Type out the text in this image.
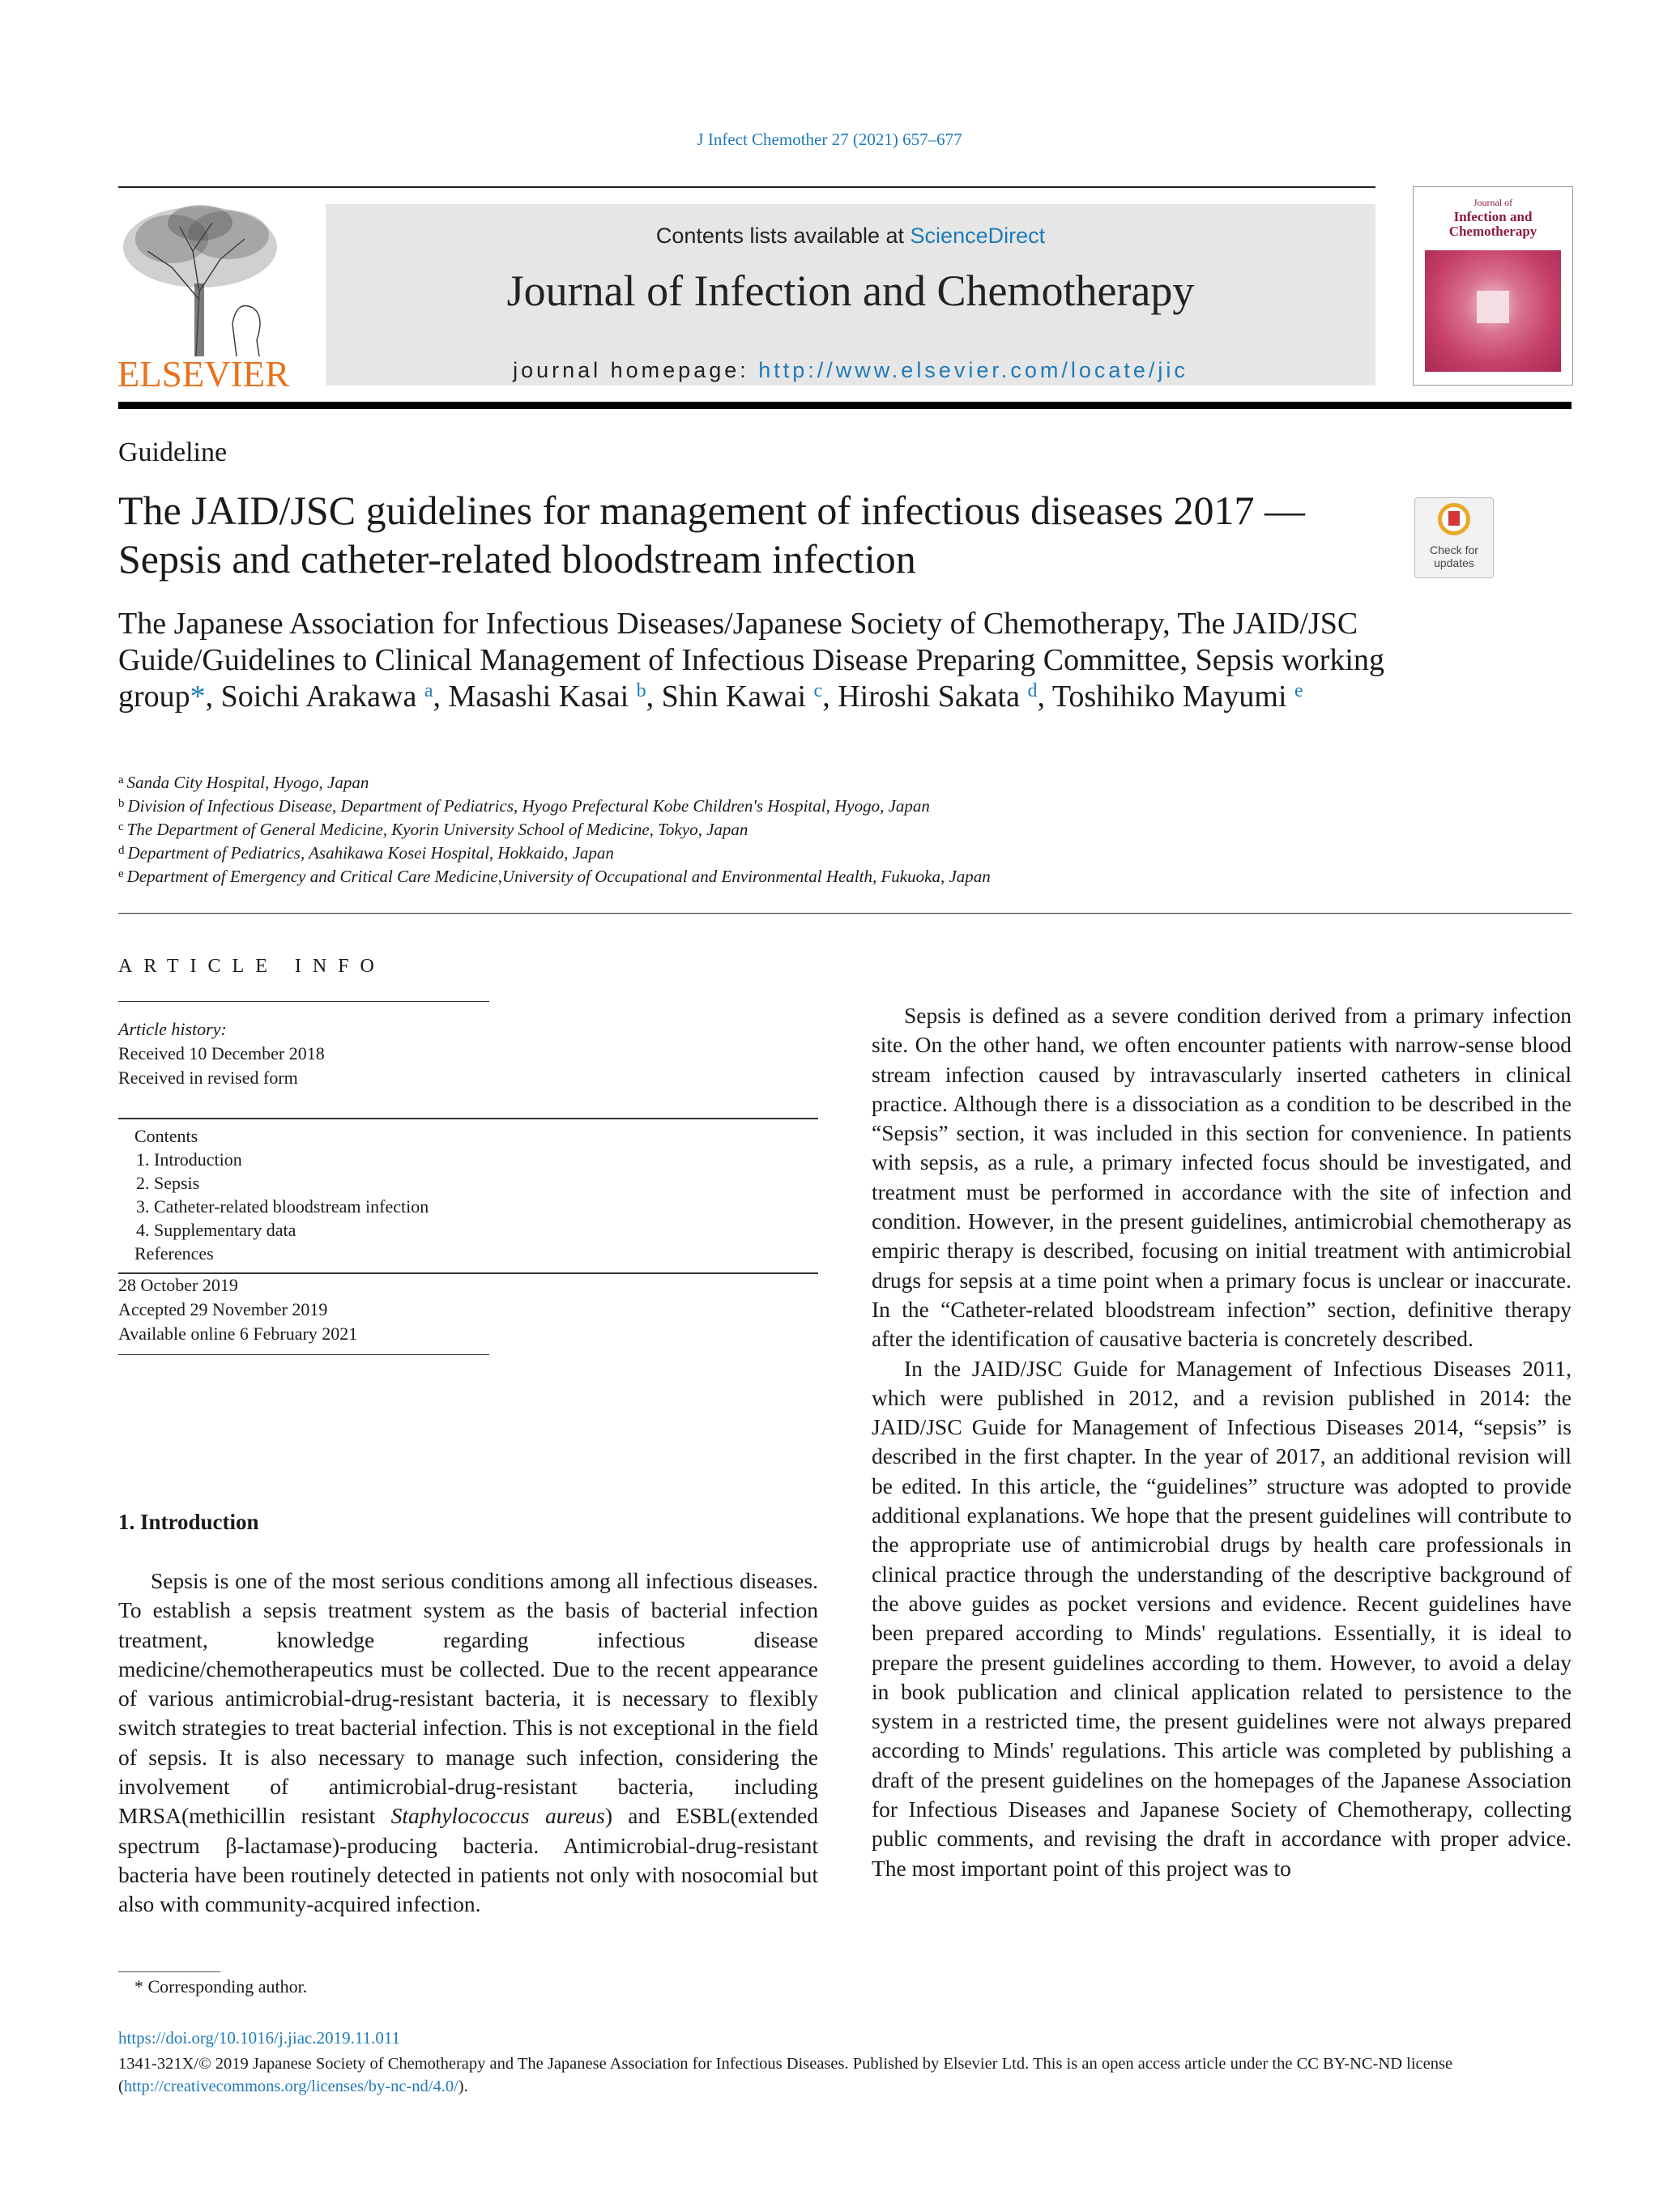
J Infect Chemother 27 (2021) 657–677
ELSEVIER
Contents lists available at ScienceDirect
Journal of Infection and Chemotherapy
journal homepage: http://www.elsevier.com/locate/jic
Journal of
Infection and Chemotherapy
Guideline
The JAID/JSC guidelines for management of infectious diseases 2017 —
Sepsis and catheter-related bloodstream infection	Check for
updates
The Japanese Association for Infectious Diseases/Japanese Society of Chemotherapy, The JAID/JSC Guide/Guidelines to Clinical Management of Infectious Disease Preparing Committee, Sepsis working group*, Soichi Arakawa $^a$, Masashi Kasai $^b$, Shin Kawai $^c$, Hiroshi Sakata $^d$, Toshihiko Mayumi $^e$
$^a$ Sanda City Hospital, Hyogo, Japan
$^b$ Division of Infectious Disease, Department of Pediatrics, Hyogo Prefectural Kobe Children's Hospital, Hyogo, Japan
$^c$ The Department of General Medicine, Kyorin University School of Medicine, Tokyo, Japan
$^d$ Department of Pediatrics, Asahikawa Kosei Hospital, Hokkaido, Japan
$^e$ Department of Emergency and Critical Care Medicine,University of Occupational and Environmental Health, Fukuoka, Japan
ARTICLE INFO
Article history:
Received 10 December 2018
Received in revised form
Contents
1. Introduction
2. Sepsis
3. Catheter-related bloodstream infection
4. Supplementary data
References
28 October 2019
Accepted 29 November 2019
Available online 6 February 2021
1. Introduction

Sepsis is one of the most serious conditions among all infectious diseases. To establish a sepsis treatment system as the basis of bacterial infection treatment, knowledge regarding infectious disease medicine/chemotherapeutics must be collected. Due to the recent appearance of various antimicrobial-drug-resistant bacteria, it is necessary to flexibly switch strategies to treat bacterial infection. This is not exceptional in the field of sepsis. It is also necessary to manage such infection, considering the involvement of antimicrobial-drug-resistant bacteria, including MRSA(methicillin resistant Staphylococcus aureus) and ESBL(extended spectrum β-lactamase)-producing bacteria. Antimicrobial-drug-resistant bacteria have been routinely detected in patients not only with nosocomial but also with community-acquired infection.

Sepsis is defined as a severe condition derived from a primary infection site. On the other hand, we often encounter patients with narrow-sense blood stream infection caused by intravascularly inserted catheters in clinical practice. Although there is a dissociation as a condition to be described in the “Sepsis” section, it was included in this section for convenience. In patients with sepsis, as a rule, a primary infected focus should be investigated, and treatment must be performed in accordance with the site of infection and condition. However, in the present guidelines, antimicrobial chemotherapy as empiric therapy is described, focusing on initial treatment with antimicrobial drugs for sepsis at a time point when a primary focus is unclear or inaccurate. In the “Catheter-related bloodstream infection” section, definitive therapy after the identification of causative bacteria is concretely described.

In the JAID/JSC Guide for Management of Infectious Diseases 2011, which were published in 2012, and a revision published in 2014: the JAID/JSC Guide for Management of Infectious Diseases 2014, “sepsis” is described in the first chapter. In the year of 2017, an additional revision will be edited. In this article, the “guidelines” structure was adopted to provide additional explanations. We hope that the present guidelines will contribute to the appropriate use of antimicrobial drugs by health care professionals in clinical practice through the understanding of the descriptive background of the above guides as pocket versions and evidence. Recent guidelines have been prepared according to Minds' regulations. Essentially, it is ideal to prepare the present guidelines according to them. However, to avoid a delay in book publication and clinical application related to persistence to the system in a restricted time, the present guidelines were not always prepared according to Minds' regulations. This article was completed by publishing a draft of the present guidelines on the homepages of the Japanese Association for Infectious Diseases and Japanese Society of Chemotherapy, collecting public comments, and revising the draft in accordance with proper advice. The most important point of this project was to

* Corresponding author.
https://doi.org/10.1016/j.jiac.2019.11.011
1341-321X/© 2019 Japanese Society of Chemotherapy and The Japanese Association for Infectious Diseases. Published by Elsevier Ltd. This is an open access article under the CC BY-NC-ND license (http://creativecommons.org/licenses/by-nc-nd/4.0/).
